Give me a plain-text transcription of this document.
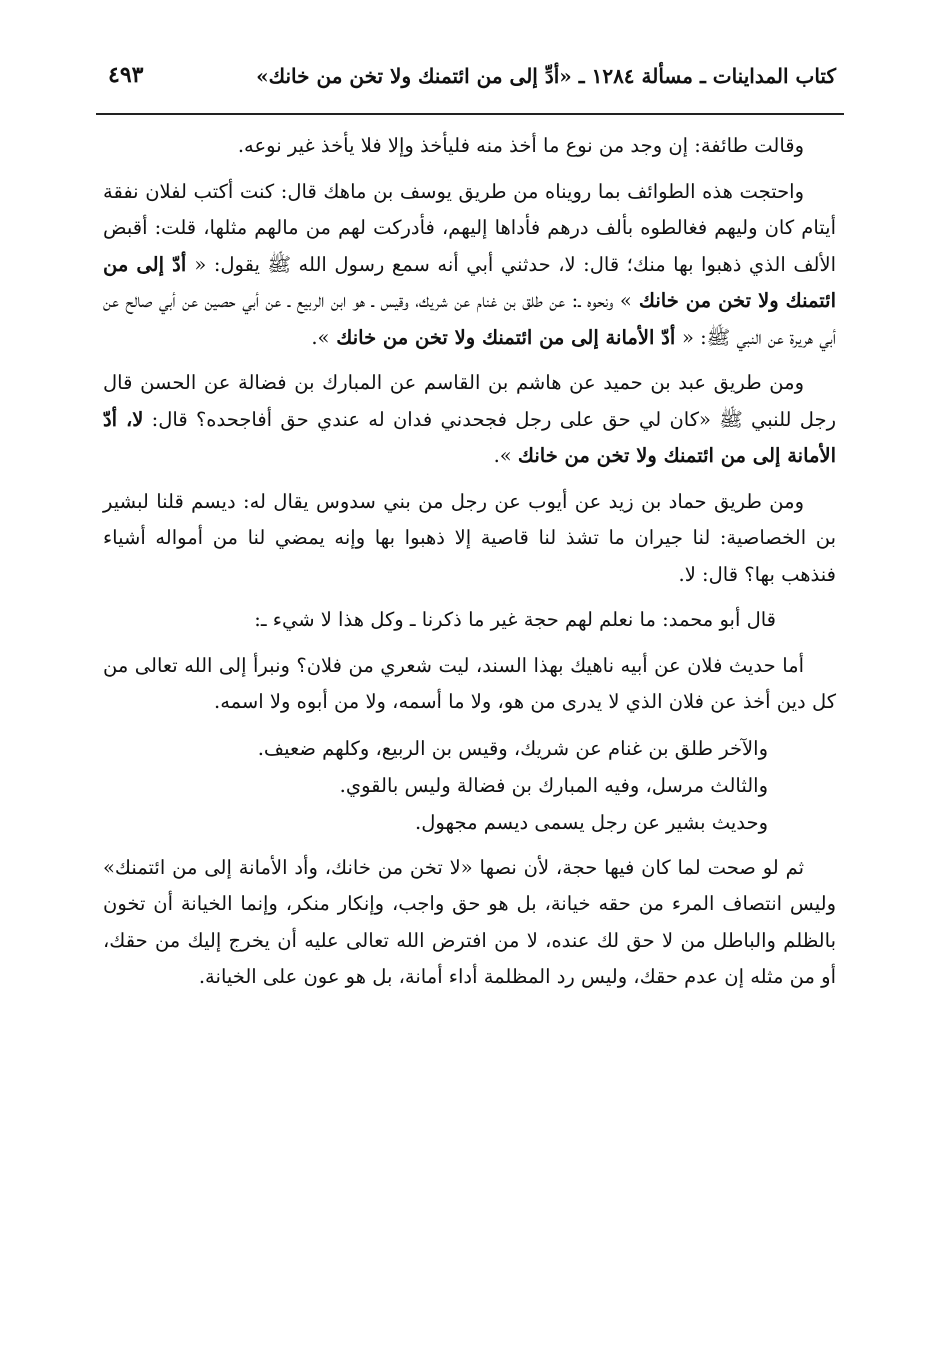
كتاب المداينات ـ مسألة ١٢٨٤ ـ «أدِّ إلى من ائتمنك ولا تخن من خانك»
٤٩٣

وقالت طائفة: إن وجد من نوع ما أخذ منه فليأخذ وإلا فلا يأخذ غير نوعه.

واحتجت هذه الطوائف بما رويناه من طريق يوسف بن ماهك قال: كنت أكتب لفلان نفقة أيتام كان وليهم فغالطوه بألف درهم فأداها إليهم، فأدركت لهم من مالهم مثلها، قلت: أقبض الألف الذي ذهبوا بها منك؛ قال: لا، حدثني أبي أنه سمع رسول الله ﷺ يقول: « أدّ إلى من ائتمنك ولا تخن من خانك » ونحوه ـ: عن طلق بن غنام عن شريك، وقيس ـ هو ابن الربيع ـ عن أبي حصين عن أبي صالح عن أبي هريرة عن النبي ﷺ: « أدّ الأمانة إلى من ائتمنك ولا تخن من خانك ».

ومن طريق عبد بن حميد عن هاشم بن القاسم عن المبارك بن فضالة عن الحسن قال رجل للنبي ﷺ «كان لي حق على رجل فجحدني فدان له عندي حق أفاجحده؟ قال: لا، أدّ الأمانة إلى من ائتمنك ولا تخن من خانك ».

ومن طريق حماد بن زيد عن أيوب عن رجل من بني سدوس يقال له: ديسم قلنا لبشير بن الخصاصية: لنا جيران ما تشذ لنا قاصية إلا ذهبوا بها وإنه يمضي لنا من أمواله أشياء فنذهب بها؟ قال: لا.

قال أبو محمد: ما نعلم لهم حجة غير ما ذكرنا ـ وكل هذا لا شيء ـ:

أما حديث فلان عن أبيه ناهيك بهذا السند، ليت شعري من فلان؟ ونبرأ إلى الله تعالى من كل دين أخذ عن فلان الذي لا يدرى من هو، ولا ما أسمه، ولا من أبوه ولا اسمه.

والآخر طلق بن غنام عن شريك، وقيس بن الربيع، وكلهم ضعيف.

والثالث مرسل، وفيه المبارك بن فضالة وليس بالقوي.

وحديث بشير عن رجل يسمى ديسم مجهول.

ثم لو صحت لما كان فيها حجة، لأن نصها «لا تخن من خانك، وأد الأمانة إلى من ائتمنك» وليس انتصاف المرء من حقه خيانة، بل هو حق واجب، وإنكار منكر، وإنما الخيانة أن تخون بالظلم والباطل من لا حق لك عنده، لا من افترض الله تعالى عليه أن يخرج إليك من حقك، أو من مثله إن عدم حقك، وليس رد المظلمة أداء أمانة، بل هو عون على الخيانة.
